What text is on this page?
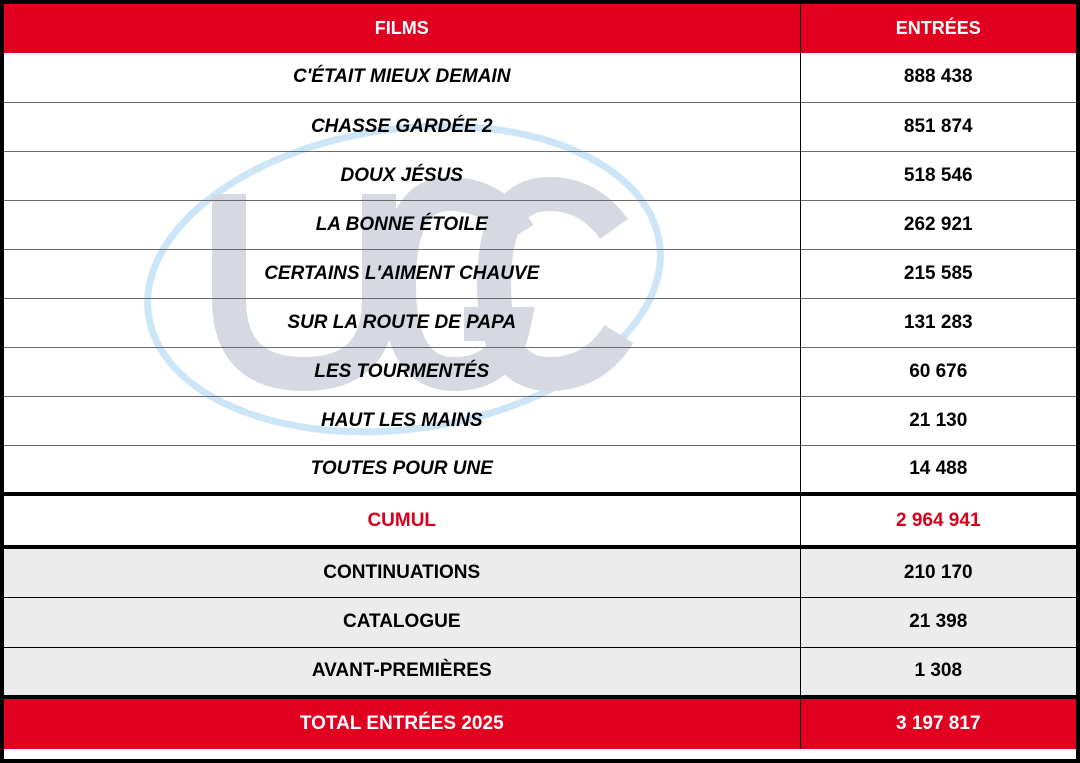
FILMS	ENTRÉES
C'ÉTAIT MIEUX DEMAIN	888 438
CHASSE GARDÉE 2	851 874
DOUX JÉSUS	518 546
LA BONNE ÉTOILE	262 921
CERTAINS L'AIMENT CHAUVE	215 585
SUR LA ROUTE DE PAPA	131 283
LES TOURMENTÉS	60 676
HAUT LES MAINS	21 130
TOUTES POUR UNE	14 488
CUMUL	2 964 941
CONTINUATIONS	210 170
CATALOGUE	21 398
AVANT-PREMIÈRES	1 308
TOTAL ENTRÉES 2025	3 197 817
